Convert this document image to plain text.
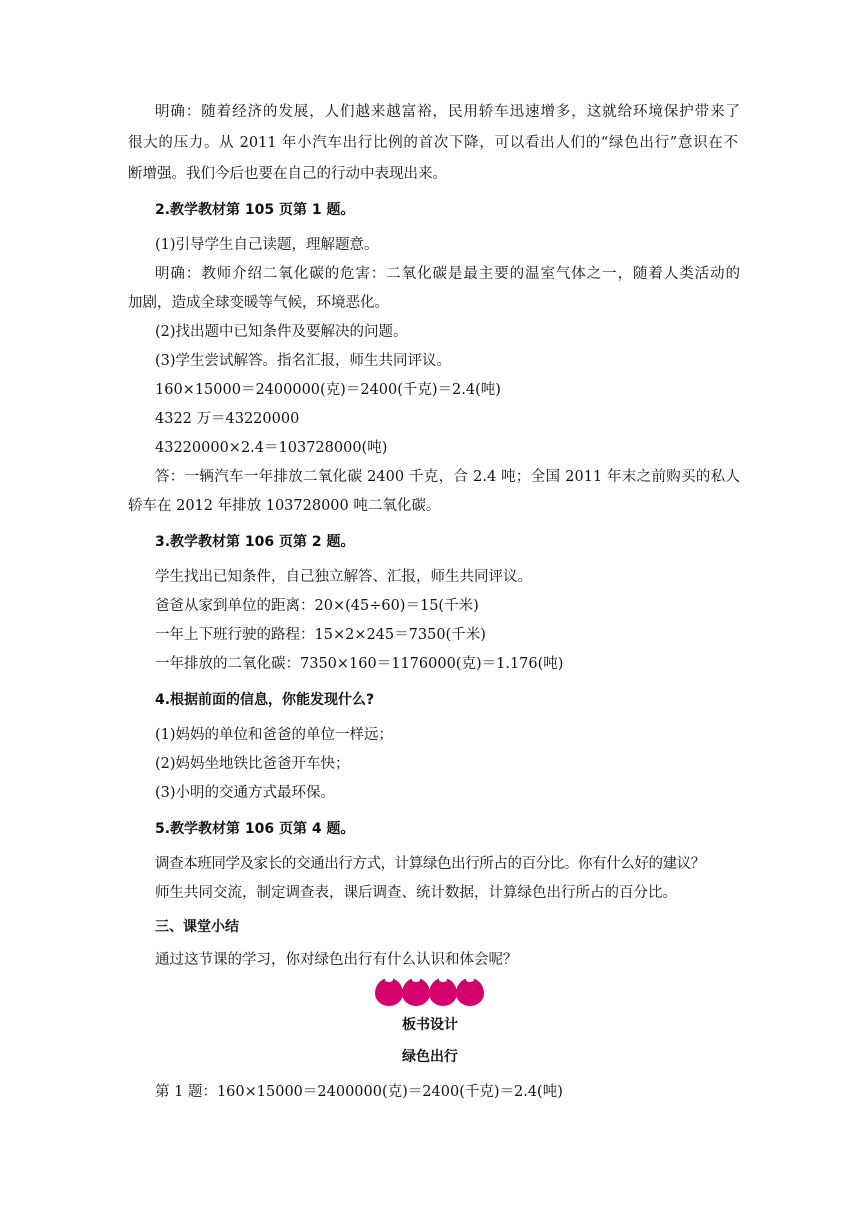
明确：随着经济的发展，人们越来越富裕，民用轿车迅速增多，这就给环境保护带来了
很大的压力。从 2011 年小汽车出行比例的首次下降，可以看出人们的“绿色出行”意识在不
断增强。我们今后也要在自己的行动中表现出来。
2.教学教材第 105 页第 1 题。
(1)引导学生自己读题，理解题意。
明确：教师介绍二氧化碳的危害：二氧化碳是最主要的温室气体之一，随着人类活动的
加剧，造成全球变暖等气候，环境恶化。
(2)找出题中已知条件及要解决的问题。
(3)学生尝试解答。指名汇报，师生共同评议。
160×15000＝2400000(克)＝2400(千克)＝2.4(吨)
4322 万＝43220000
43220000×2.4＝103728000(吨)
答：一辆汽车一年排放二氧化碳 2400 千克，合 2.4 吨；全国 2011 年末之前购买的私人
轿车在 2012 年排放 103728000 吨二氧化碳。
3.教学教材第 106 页第 2 题。
学生找出已知条件，自己独立解答、汇报，师生共同评议。
爸爸从家到单位的距离：20×(45÷60)＝15(千米)
一年上下班行驶的路程：15×2×245＝7350(千米)
一年排放的二氧化碳：7350×160＝1176000(克)＝1.176(吨)
4.根据前面的信息，你能发现什么?
(1)妈妈的单位和爸爸的单位一样远；
(2)妈妈坐地铁比爸爸开车快；
(3)小明的交通方式最环保。
5.教学教材第 106 页第 4 题。
调查本班同学及家长的交通出行方式，计算绿色出行所占的百分比。你有什么好的建议？
师生共同交流，制定调查表，课后调查、统计数据，计算绿色出行所占的百分比。
三、课堂小结
通过这节课的学习，你对绿色出行有什么认识和体会呢？
板书设计
绿色出行
第 1 题：160×15000＝2400000(克)＝2400(千克)＝2.4(吨)
